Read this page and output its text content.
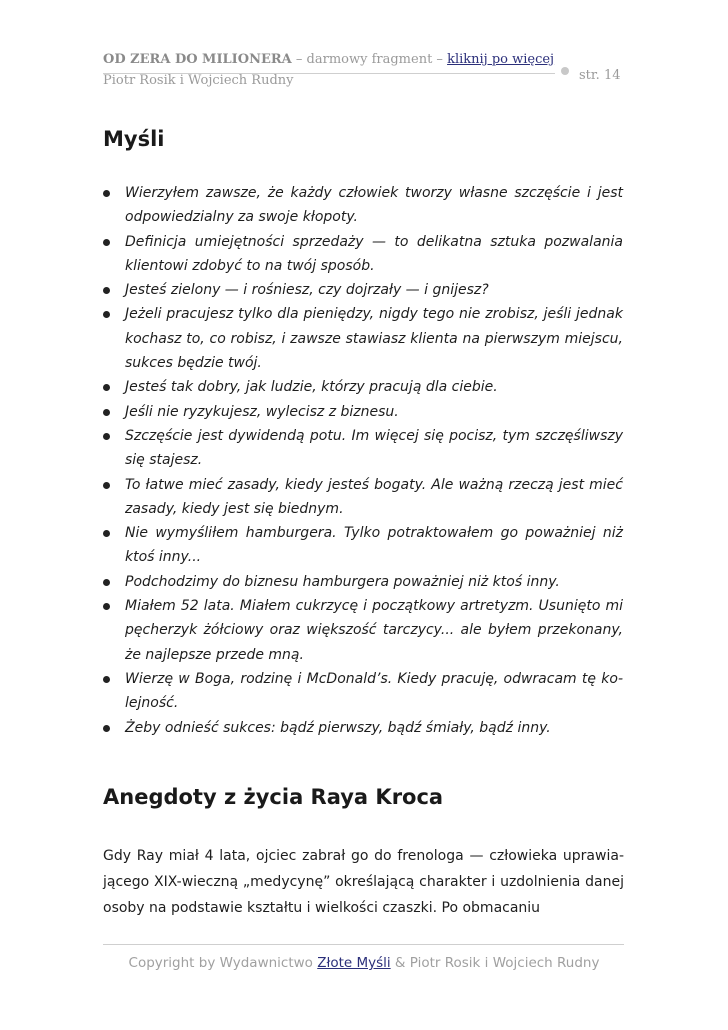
OD ZERA DO MILIONERA – darmowy fragment – kliknij po więcej
str. 14
Piotr Rosik i Wojciech Rudny
Myśli
Wierzyłem zawsze, że każdy człowiek tworzy własne szczęście i jest odpowiedzialny za swoje kłopoty.
Definicja umiejętności sprzedaży — to delikatna sztuka pozwalania klientowi zdobyć to na twój sposób.
Jesteś zielony — i rośniesz, czy dojrzały — i gnijesz?
Jeżeli pracujesz tylko dla pieniędzy, nigdy tego nie zrobisz, jeśli jednak kochasz to, co robisz, i zawsze stawiasz klienta na pierwszym miejscu, sukces będzie twój.
Jesteś tak dobry, jak ludzie, którzy pracują dla ciebie.
Jeśli nie ryzykujesz, wylecisz z biznesu.
Szczęście jest dywidendą potu. Im więcej się pocisz, tym szczęśliwszy się stajesz.
To łatwe mieć zasady, kiedy jesteś bogaty. Ale ważną rzeczą jest mieć zasady, kiedy jest się biednym.
Nie wymyśliłem hamburgera. Tylko potraktowałem go poważniej niż ktoś inny...
Podchodzimy do biznesu hamburgera poważniej niż ktoś inny.
Miałem 52 lata. Miałem cukrzycę i początkowy artretyzm. Usunięto mi pęcherzyk żółciowy oraz większość tarczycy... ale byłem przekonany, że najlepsze przede mną.
Wierzę w Boga, rodzinę i McDonald’s. Kiedy pracuję, odwracam tę kolejność.
Żeby odnieść sukces: bądź pierwszy, bądź śmiały, bądź inny.
Anegdoty z życia Raya Kroca

Gdy Ray miał 4 lata, ojciec zabrał go do frenologa — człowieka uprawiającego XIX-wieczną „medycynę” określającą charakter i uzdolnienia danej osoby na podstawie kształtu i wielkości czaszki. Po obmacaniu

Copyright by Wydawnictwo Złote Myśli & Piotr Rosik i Wojciech Rudny
